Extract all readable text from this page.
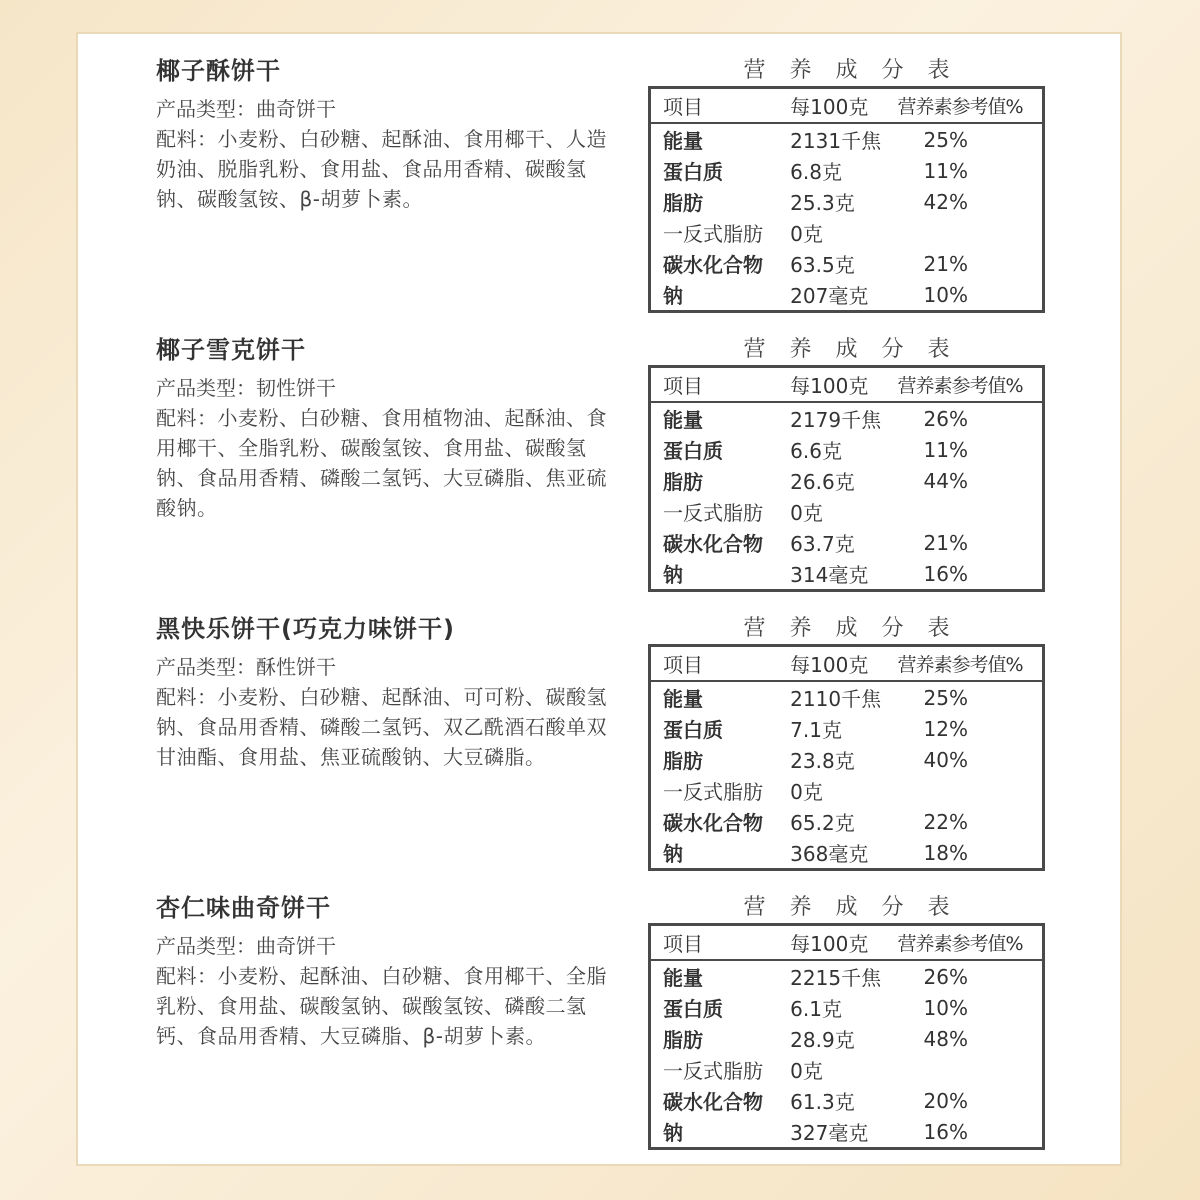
椰子酥饼干

产品类型：曲奇饼干

配料：小麦粉、白砂糖、起酥油、食用椰干、人造奶油、脱脂乳粉、食用盐、食品用香精、碳酸氢钠、碳酸氢铵、β-胡萝卜素。

营养成分表
项目	每100克	营养素参考值%
能量	2131千焦	25%
蛋白质	6.8克	11%
脂肪	25.3克	42%
一反式脂肪	0克	
碳水化合物	63.5克	21%
钠	207毫克	10%

椰子雪克饼干

产品类型：韧性饼干

配料：小麦粉、白砂糖、食用植物油、起酥油、食用椰干、全脂乳粉、碳酸氢铵、食用盐、碳酸氢钠、食品用香精、磷酸二氢钙、大豆磷脂、焦亚硫酸钠。

营养成分表
项目	每100克	营养素参考值%
能量	2179千焦	26%
蛋白质	6.6克	11%
脂肪	26.6克	44%
一反式脂肪	0克	
碳水化合物	63.7克	21%
钠	314毫克	16%

黑快乐饼干(巧克力味饼干)

产品类型：酥性饼干

配料：小麦粉、白砂糖、起酥油、可可粉、碳酸氢钠、食品用香精、磷酸二氢钙、双乙酰酒石酸单双甘油酯、食用盐、焦亚硫酸钠、大豆磷脂。

营养成分表
项目	每100克	营养素参考值%
能量	2110千焦	25%
蛋白质	7.1克	12%
脂肪	23.8克	40%
一反式脂肪	0克	
碳水化合物	65.2克	22%
钠	368毫克	18%

杏仁味曲奇饼干

产品类型：曲奇饼干

配料：小麦粉、起酥油、白砂糖、食用椰干、全脂乳粉、食用盐、碳酸氢钠、碳酸氢铵、磷酸二氢钙、食品用香精、大豆磷脂、β-胡萝卜素。

营养成分表
项目	每100克	营养素参考值%
能量	2215千焦	26%
蛋白质	6.1克	10%
脂肪	28.9克	48%
一反式脂肪	0克	
碳水化合物	61.3克	20%
钠	327毫克	16%
